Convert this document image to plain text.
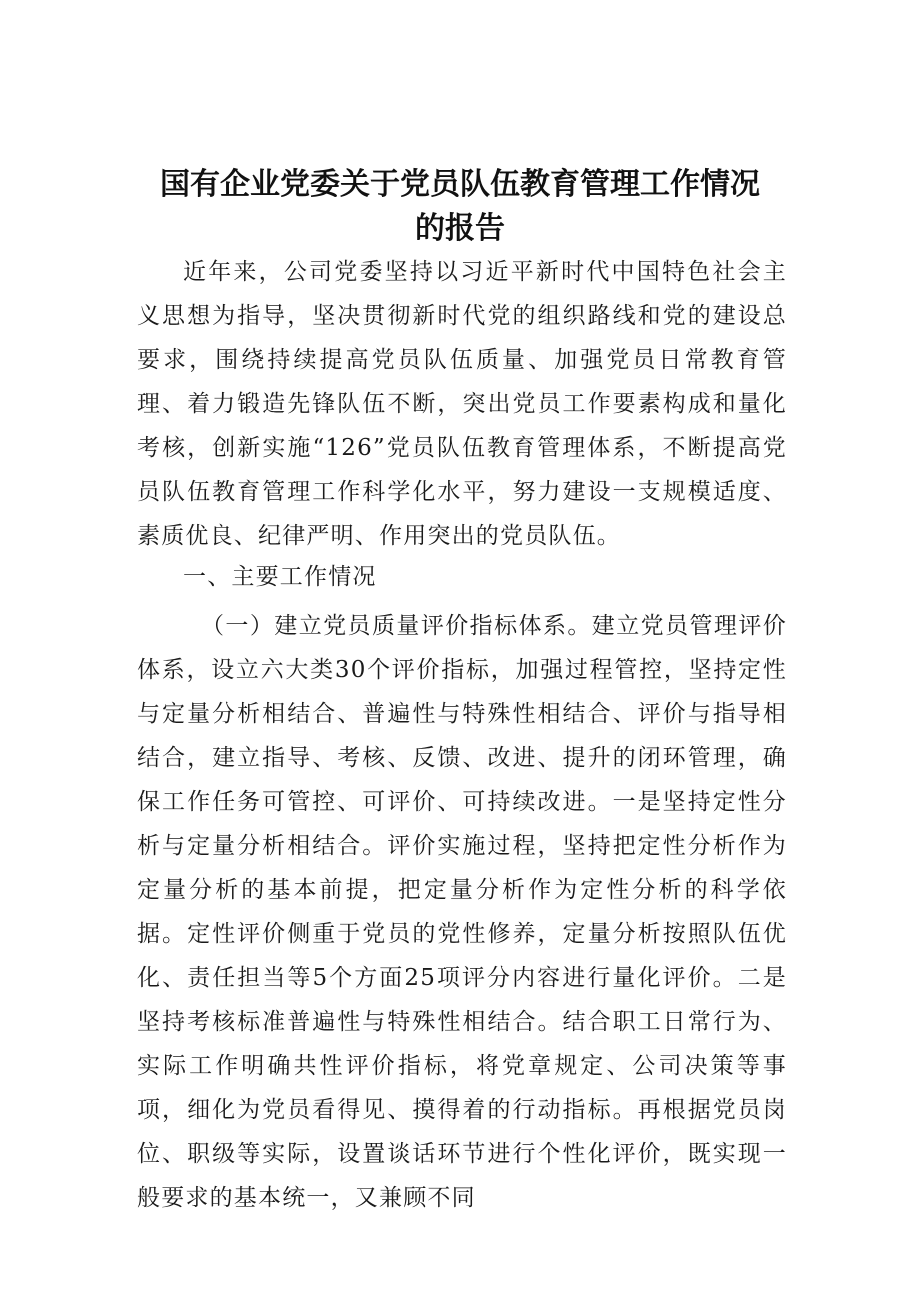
国有企业党委关于党员队伍教育管理工作情况
的报告

近年来，公司党委坚持以习近平新时代中国特色社会主义思想为指导，坚决贯彻新时代党的组织路线和党的建设总要求，围绕持续提高党员队伍质量、加强党员日常教育管理、着力锻造先锋队伍不断，突出党员工作要素构成和量化考核，创新实施“126”党员队伍教育管理体系，不断提高党员队伍教育管理工作科学化水平，努力建设一支规模适度、素质优良、纪律严明、作用突出的党员队伍。

一、主要工作情况

（一）建立党员质量评价指标体系。建立党员管理评价体系，设立六大类30个评价指标，加强过程管控，坚持定性与定量分析相结合、普遍性与特殊性相结合、评价与指导相结合，建立指导、考核、反馈、改进、提升的闭环管理，确保工作任务可管控、可评价、可持续改进。一是坚持定性分析与定量分析相结合。评价实施过程，坚持把定性分析作为定量分析的基本前提，把定量分析作为定性分析的科学依据。定性评价侧重于党员的党性修养，定量分析按照队伍优化、责任担当等5个方面25项评分内容进行量化评价。二是坚持考核标准普遍性与特殊性相结合。结合职工日常行为、实际工作明确共性评价指标，将党章规定、公司决策等事项，细化为党员看得见、摸得着的行动指标。再根据党员岗位、职级等实际，设置谈话环节进行个性化评价，既实现一般要求的基本统一，又兼顾不同
